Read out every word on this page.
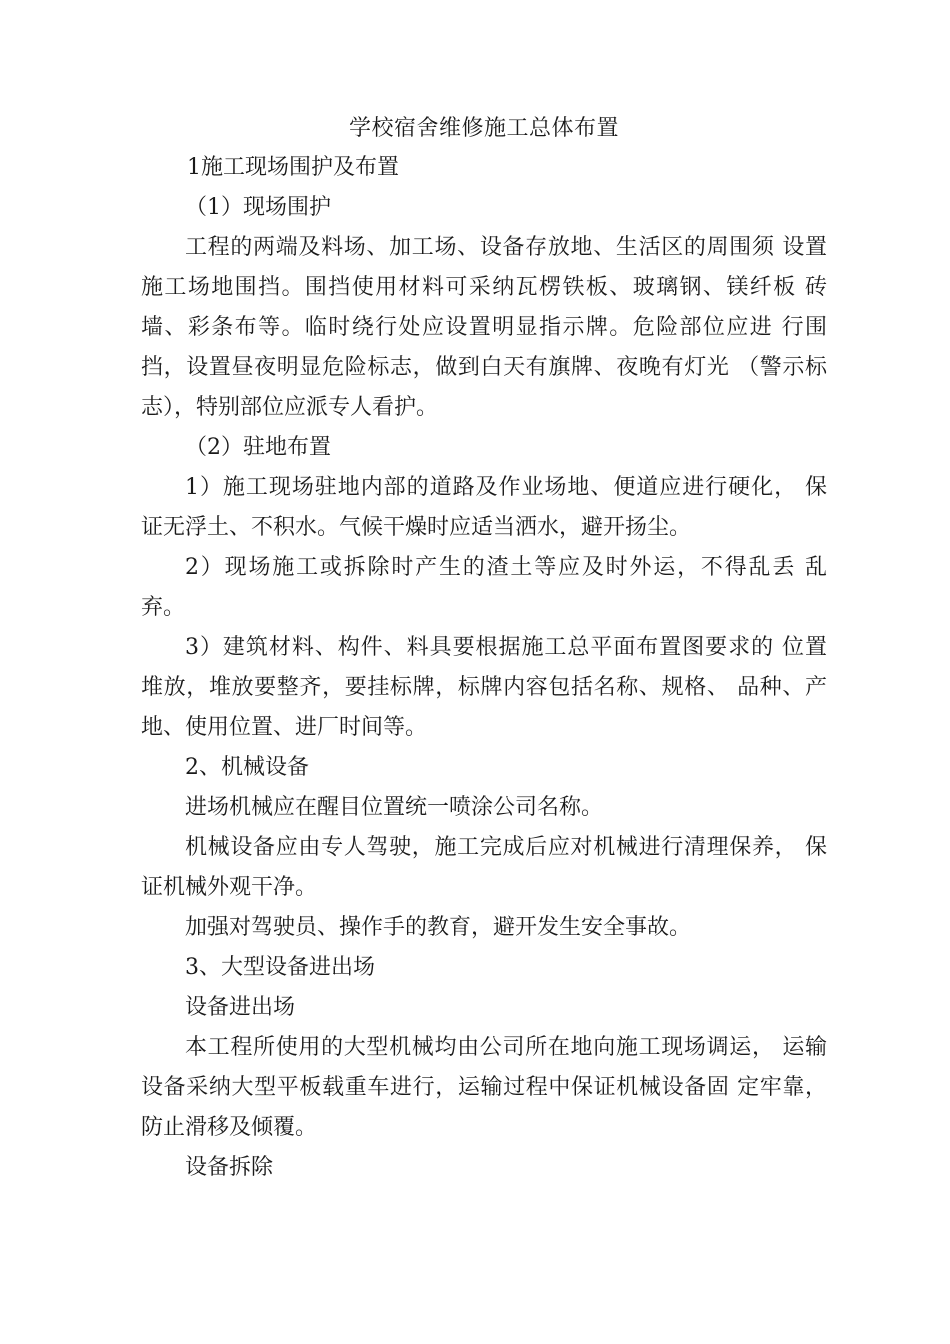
学校宿舍维修施工总体布置
1施工现场围护及布置
（1）现场围护
工程的两端及料场、加工场、设备存放地、生活区的周围须 设置
施工场地围挡。围挡使用材料可采纳瓦楞铁板、玻璃钢、镁纤板 砖
墙、彩条布等。临时绕行处应设置明显指示牌。危险部位应进 行围
挡，设置昼夜明显危险标志，做到白天有旗牌、夜晚有灯光 （警示标
志），特别部位应派专人看护。
（2）驻地布置
1）施工现场驻地内部的道路及作业场地、便道应进行硬化， 保
证无浮土、不积水。气候干燥时应适当洒水，避开扬尘。
2）现场施工或拆除时产生的渣土等应及时外运，不得乱丢 乱
弃。
3）建筑材料、构件、料具要根据施工总平面布置图要求的 位置
堆放，堆放要整齐，要挂标牌，标牌内容包括名称、规格、 品种、产
地、使用位置、进厂时间等。
2、机械设备
进场机械应在醒目位置统一喷涂公司名称。
机械设备应由专人驾驶，施工完成后应对机械进行清理保养， 保
证机械外观干净。
加强对驾驶员、操作手的教育，避开发生安全事故。
3、大型设备进出场
设备进出场
本工程所使用的大型机械均由公司所在地向施工现场调运， 运输
设备采纳大型平板载重车进行，运输过程中保证机械设备固 定牢靠，
防止滑移及倾覆。
设备拆除
